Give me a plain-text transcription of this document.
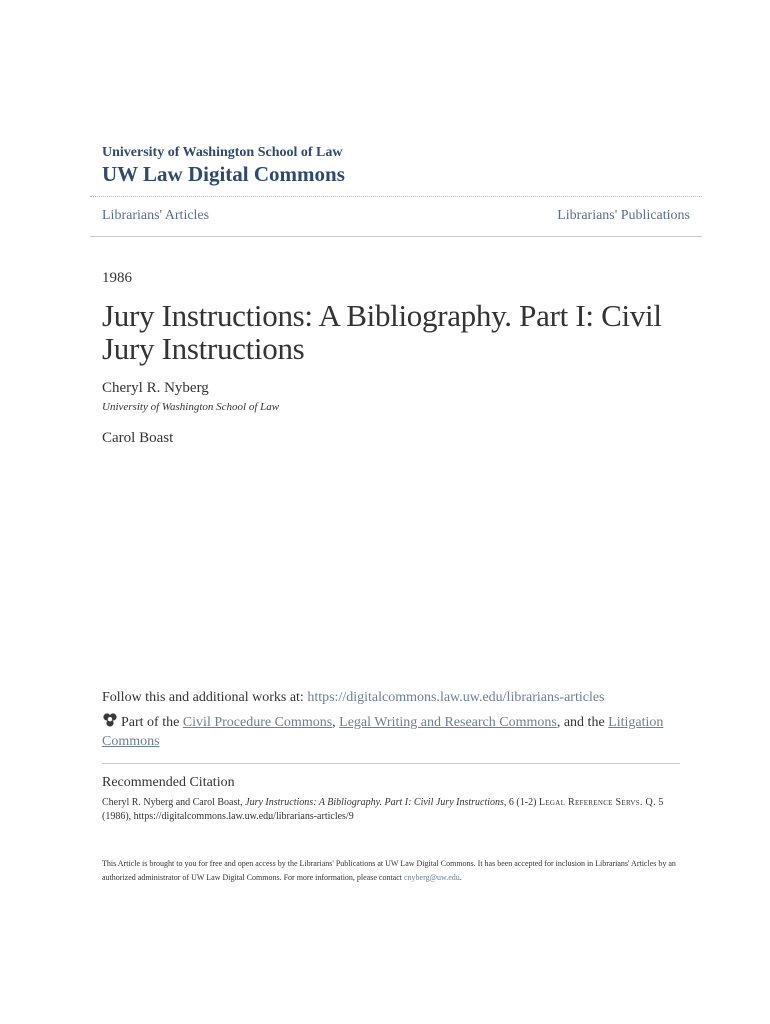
University of Washington School of Law
UW Law Digital Commons
Librarians' Articles	Librarians' Publications
1986
Jury Instructions: A Bibliography. Part I: Civil Jury Instructions
Cheryl R. Nyberg
University of Washington School of Law
Carol Boast
Follow this and additional works at: https://digitalcommons.law.uw.edu/librarians-articles
Part of the Civil Procedure Commons, Legal Writing and Research Commons, and the Litigation Commons
Recommended Citation
Cheryl R. Nyberg and Carol Boast, Jury Instructions: A Bibliography. Part I: Civil Jury Instructions, 6 (1-2) Legal Reference Servs. Q. 5 (1986), https://digitalcommons.law.uw.edu/librarians-articles/9
This Article is brought to you for free and open access by the Librarians' Publications at UW Law Digital Commons. It has been accepted for inclusion in Librarians' Articles by an authorized administrator of UW Law Digital Commons. For more information, please contact cnyberg@uw.edu.
